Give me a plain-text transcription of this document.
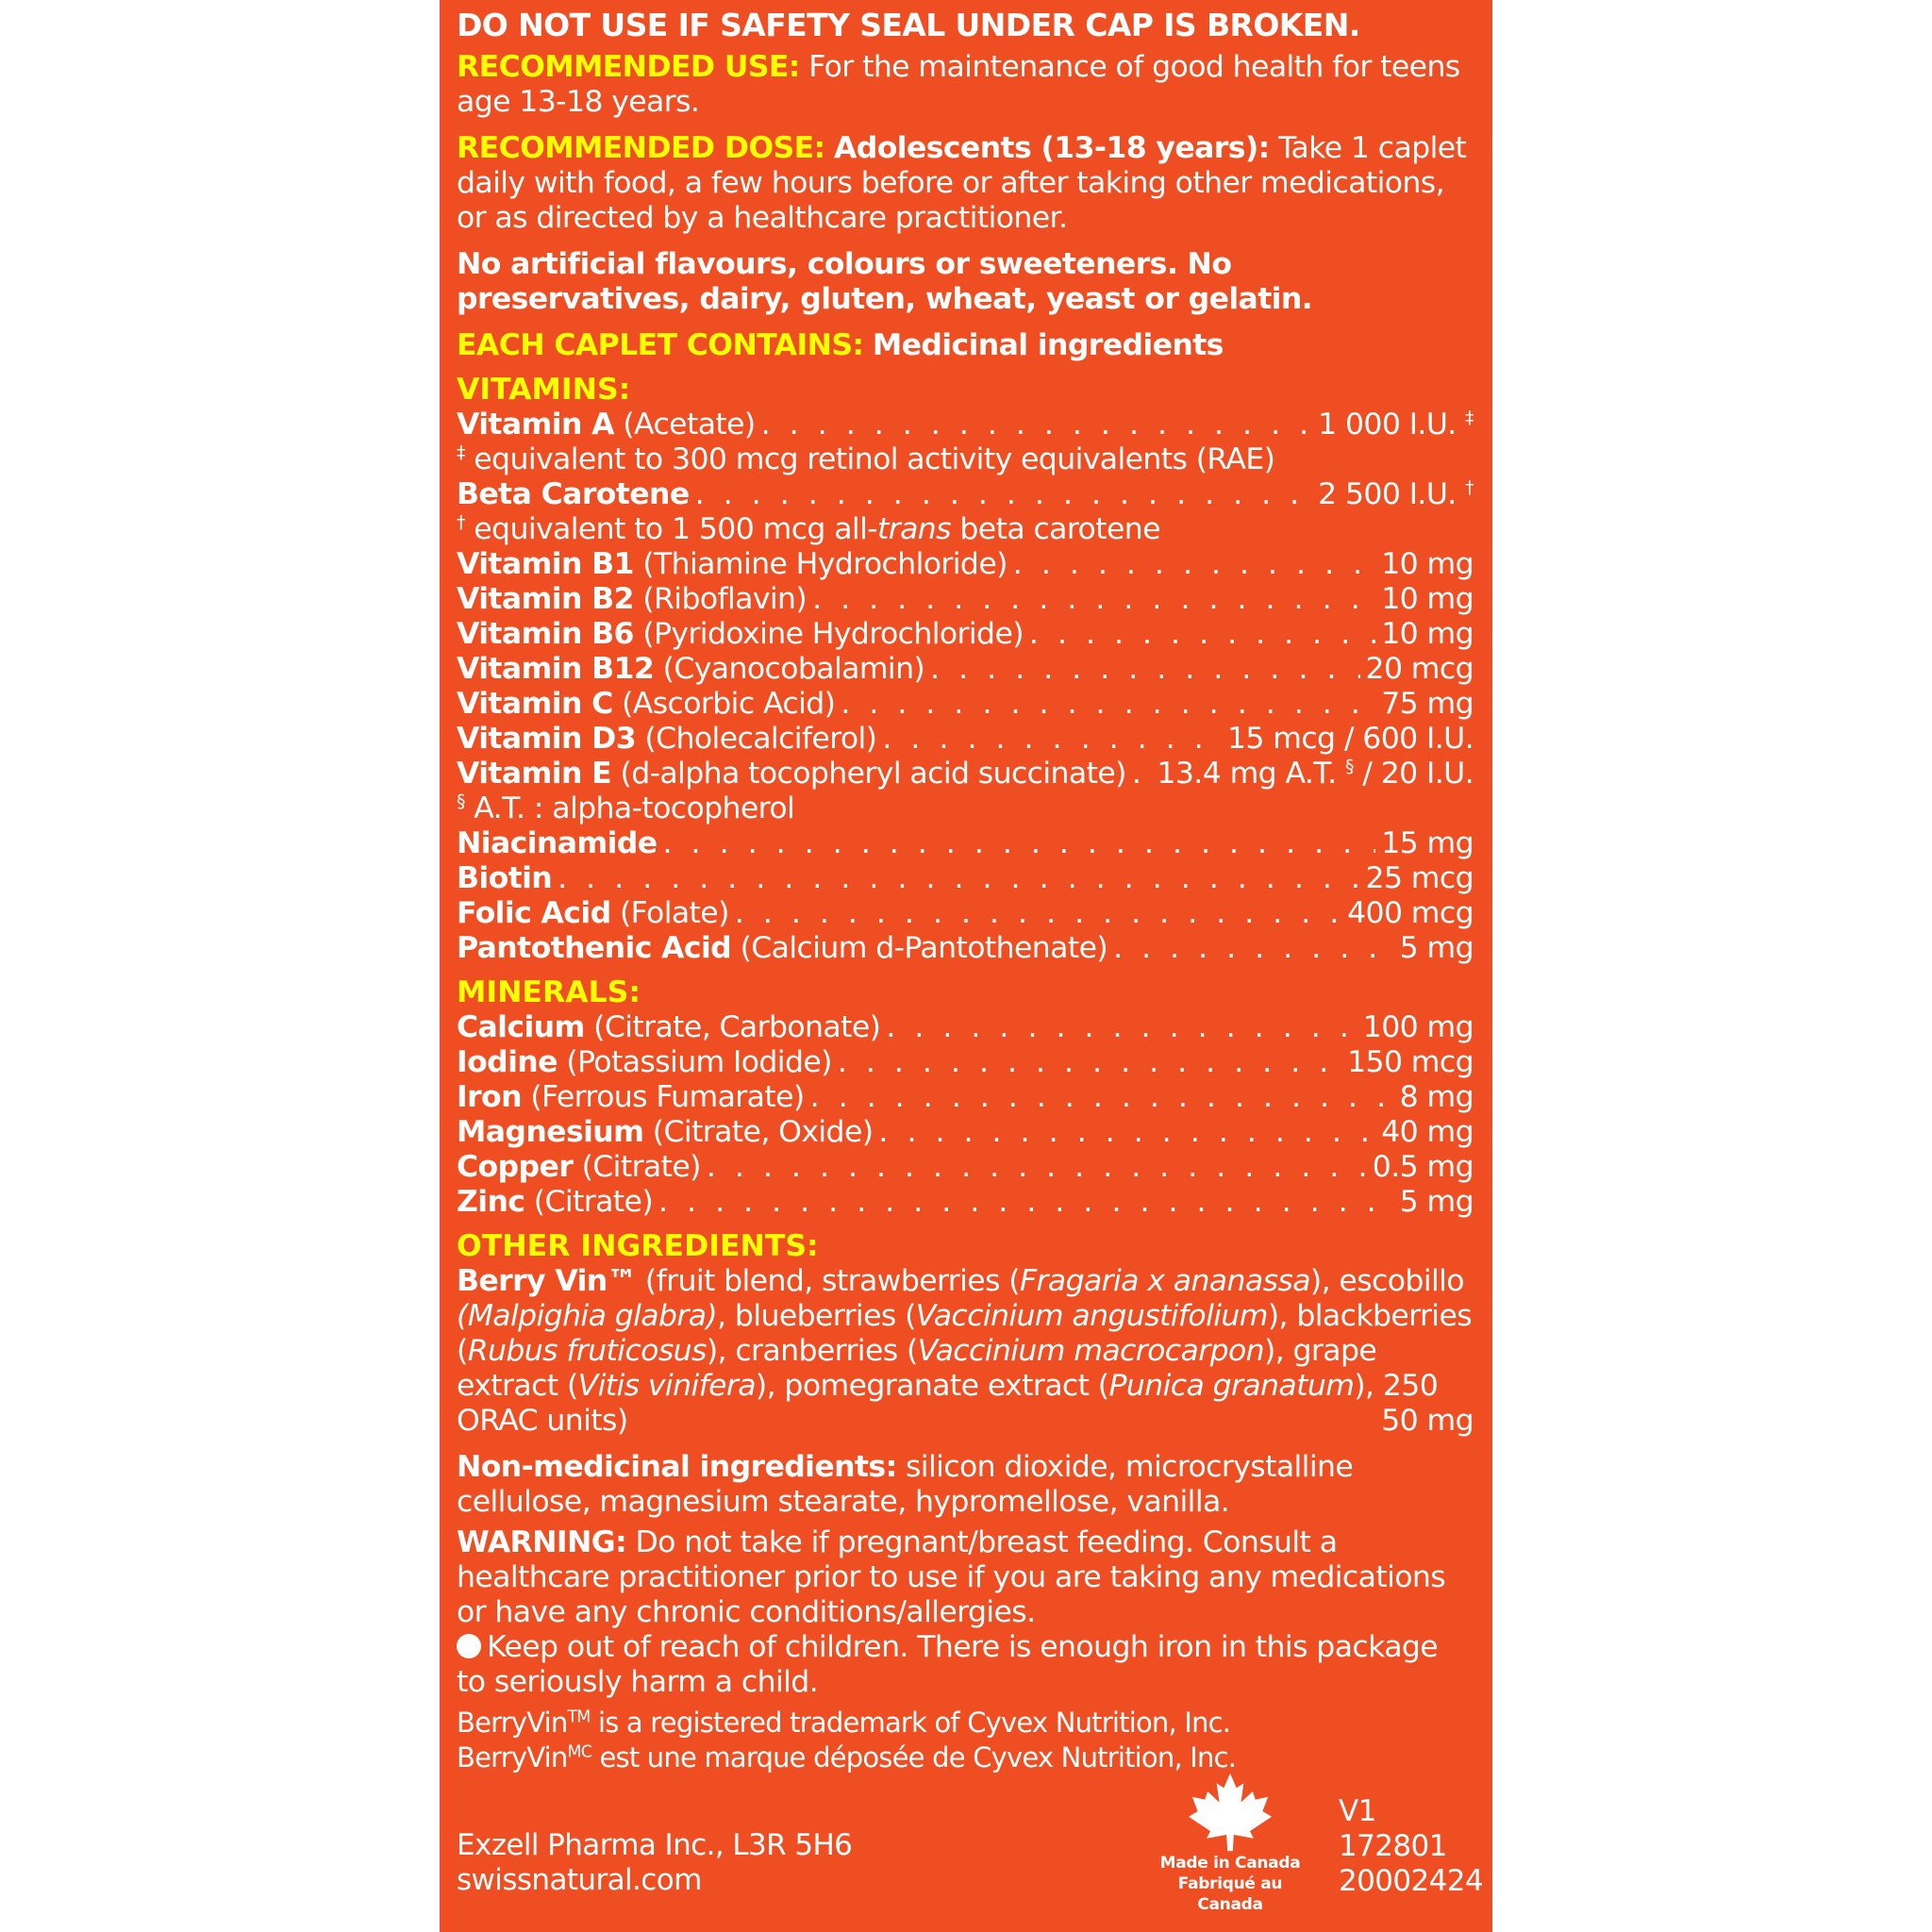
DO NOT USE IF SAFETY SEAL UNDER CAP IS BROKEN.

RECOMMENDED USE: For the maintenance of good health for teens age 13-18 years.

RECOMMENDED DOSE: Adolescents (13-18 years): Take 1 caplet daily with food, a few hours before or after taking other medications, or as directed by a healthcare practitioner.

No artificial flavours, colours or sweeteners. No preservatives, dairy, gluten, wheat, yeast or gelatin.

EACH CAPLET CONTAINS: Medicinal ingredients

VITAMINS:
Vitamin A (Acetate) . . .	1 000 I.U. ‡
‡ equivalent to 300 mcg retinol activity equivalents (RAE)
Beta Carotene . . .	2 500 I.U. †
† equivalent to 1 500 mcg all-trans beta carotene
Vitamin B1 (Thiamine Hydrochloride) . . .	10 mg
Vitamin B2 (Riboflavin) . . .	10 mg
Vitamin B6 (Pyridoxine Hydrochloride) . . .	10 mg
Vitamin B12 (Cyanocobalamin) . . .	20 mcg
Vitamin C (Ascorbic Acid) . . .	75 mg
Vitamin D3 (Cholecalciferol) . . .	15 mcg / 600 I.U.
Vitamin E (d-alpha tocopheryl acid succinate) . . . 13.4 mg A.T. § / 20 I.U.
§ A.T. : alpha-tocopherol
Niacinamide . . .	15 mg
Biotin . . .	25 mcg
Folic Acid (Folate) . . .	400 mcg
Pantothenic Acid (Calcium d-Pantothenate) . . .	5 mg
MINERALS:
Calcium (Citrate, Carbonate) . . .	100 mg
Iodine (Potassium Iodide) . . .	150 mcg
Iron (Ferrous Fumarate) . . .	8 mg
Magnesium (Citrate, Oxide) . . .	40 mg
Copper (Citrate) . . .	0.5 mg
Zinc (Citrate) . . .	5 mg
OTHER INGREDIENTS:

Berry Vin™ (fruit blend, strawberries (Fragaria x ananassa), escobillo (Malpighia glabra), blueberries (Vaccinium angustifolium), blackberries (Rubus fruticosus), cranberries (Vaccinium macrocarpon), grape extract (Vitis vinifera), pomegranate extract (Punica granatum), 250 ORAC units)	50 mg

Non-medicinal ingredients: silicon dioxide, microcrystalline cellulose, magnesium stearate, hypromellose, vanilla.

WARNING: Do not take if pregnant/breast feeding. Consult a healthcare practitioner prior to use if you are taking any medications or have any chronic conditions/allergies.

Keep out of reach of children. There is enough iron in this package to seriously harm a child.

BerryVin™ is a registered trademark of Cyvex Nutrition, Inc.
BerryVin$^{MC}$ est une marque déposée de Cyvex Nutrition, Inc.
Exzell Pharma Inc., L3R 5H6
swissnatural.com	Made in Canada
Fabriqué au Canada
V1
172801
20002424
